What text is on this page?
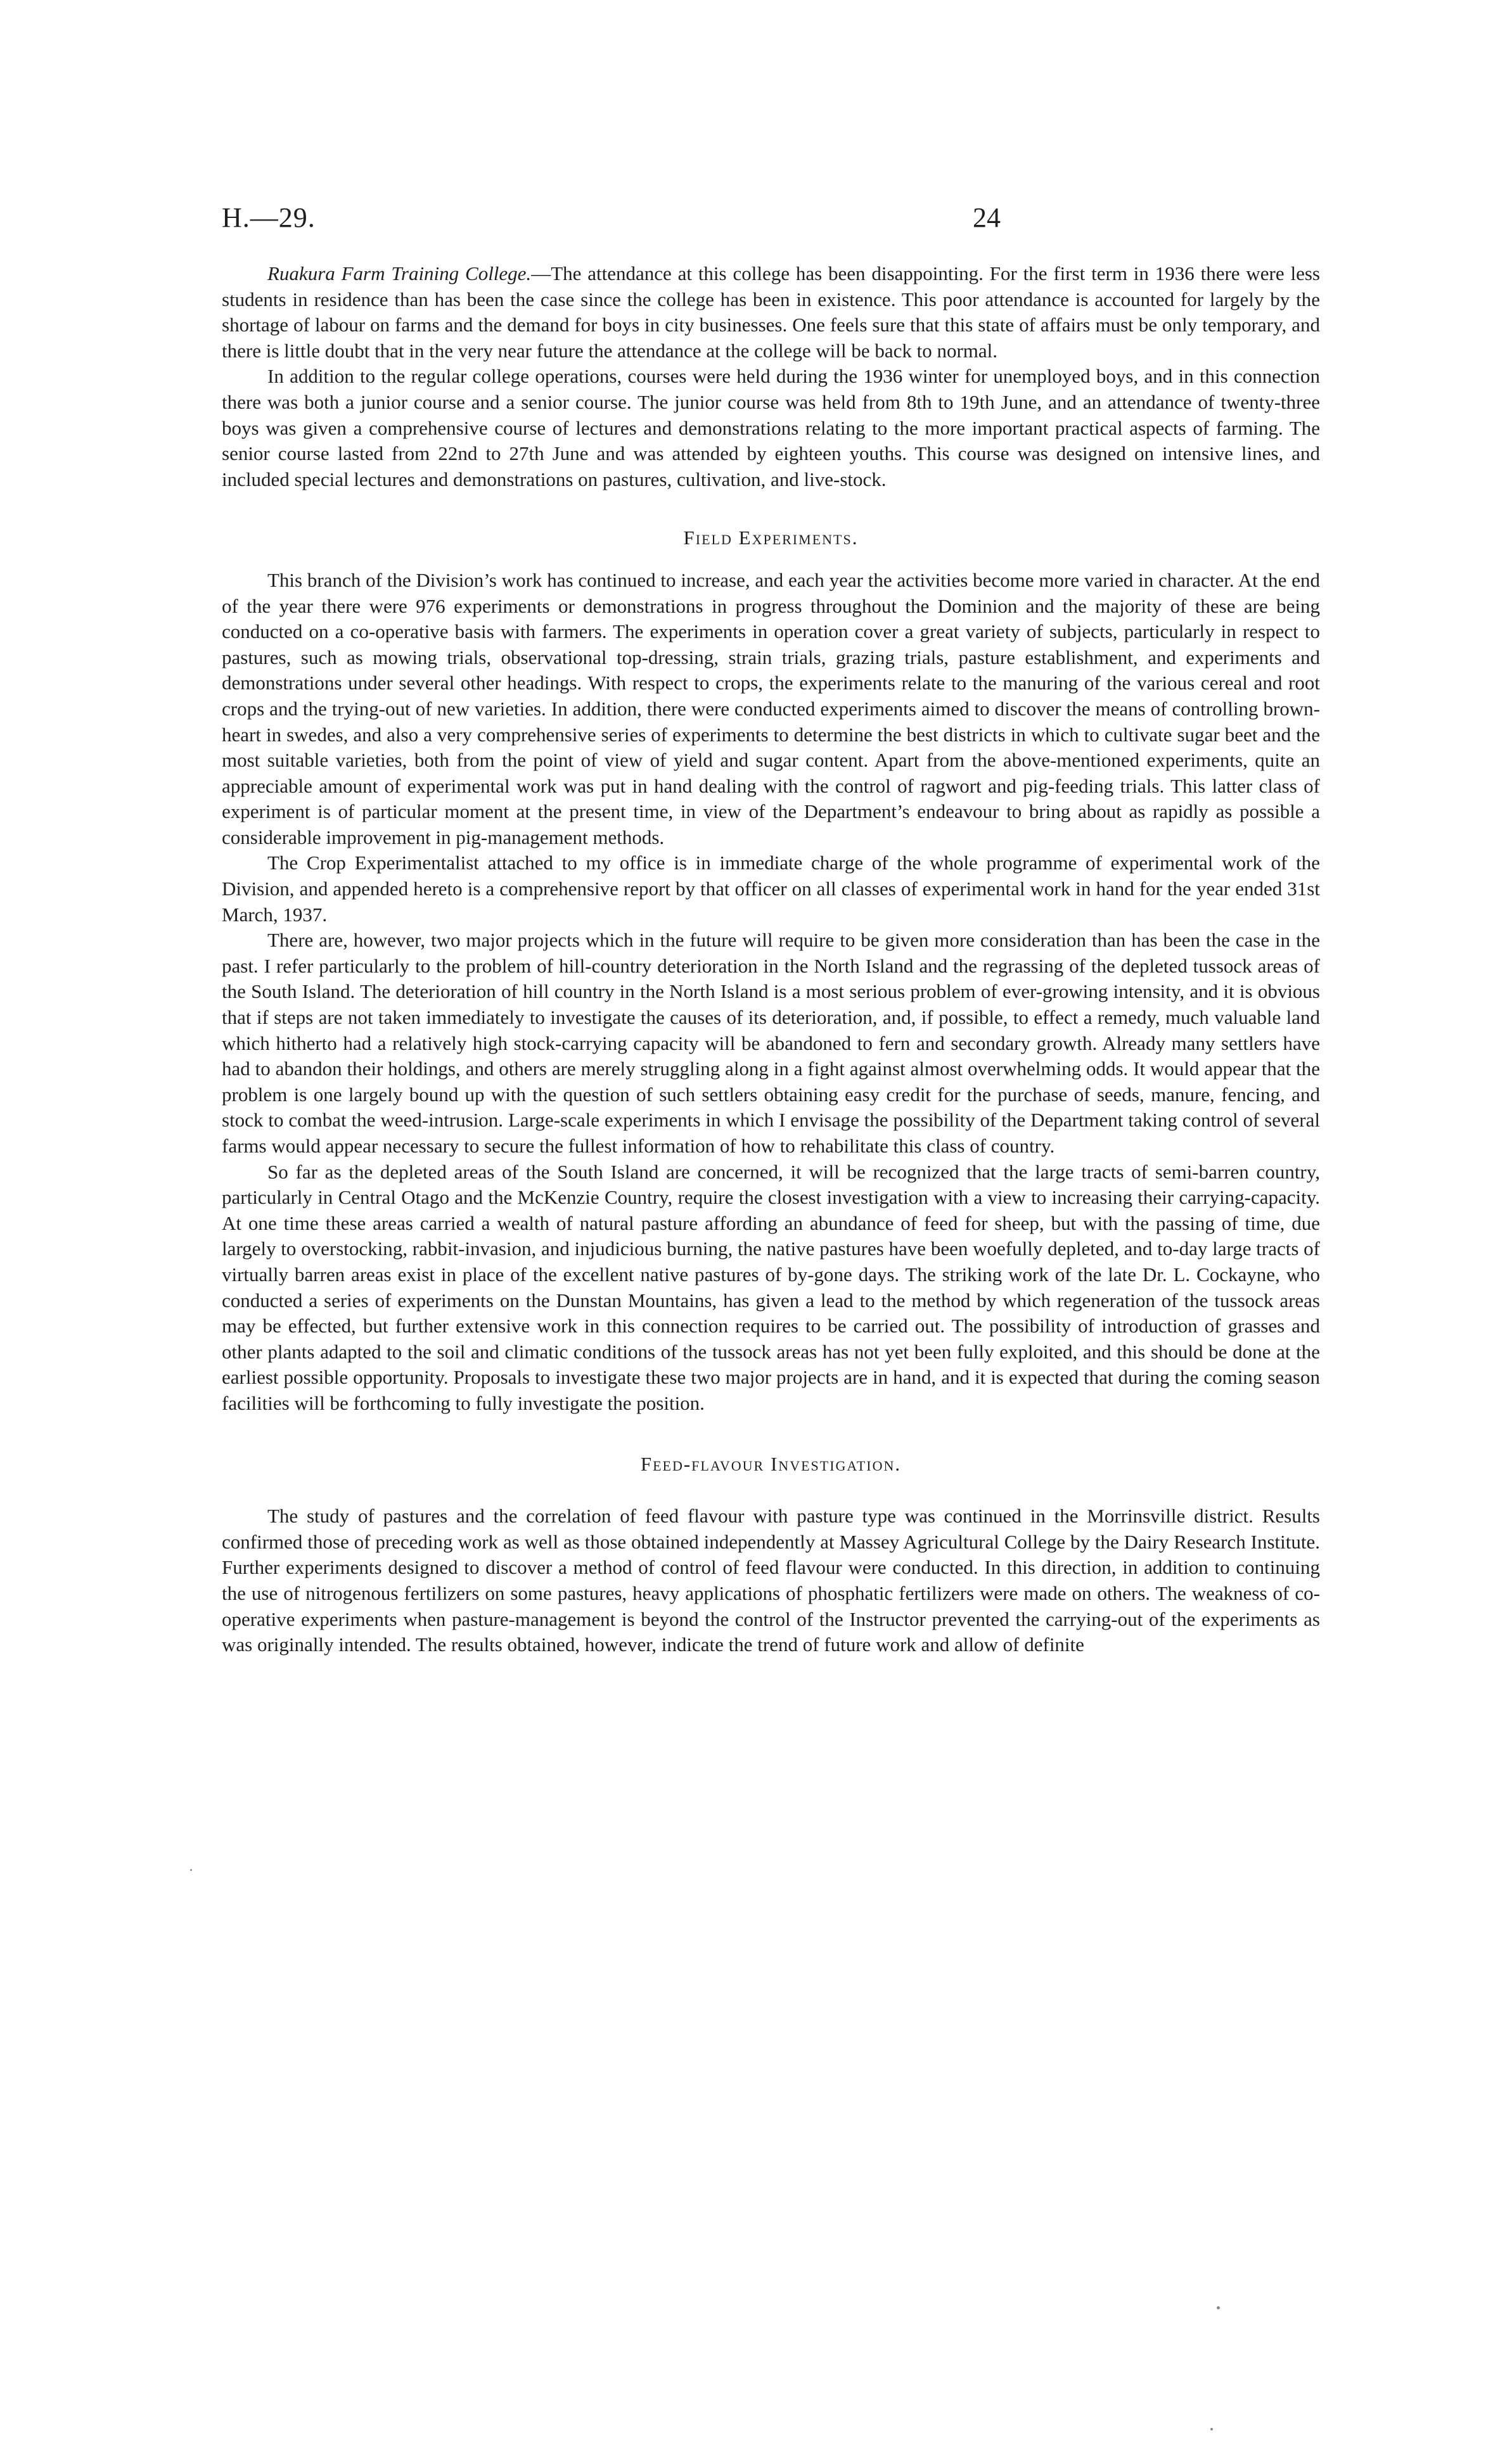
H.—29.	24

Ruakura Farm Training College.—The attendance at this college has been disappointing. For the first term in 1936 there were less students in residence than has been the case since the college has been in existence. This poor attendance is accounted for largely by the shortage of labour on farms and the demand for boys in city businesses. One feels sure that this state of affairs must be only temporary, and there is little doubt that in the very near future the attendance at the college will be back to normal.

In addition to the regular college operations, courses were held during the 1936 winter for unemployed boys, and in this connection there was both a junior course and a senior course. The junior course was held from 8th to 19th June, and an attendance of twenty-three boys was given a comprehensive course of lectures and demonstrations relating to the more important practical aspects of farming. The senior course lasted from 22nd to 27th June and was attended by eighteen youths. This course was designed on intensive lines, and included special lectures and demonstrations on pastures, cultivation, and live-stock.

Field Experiments.

This branch of the Division’s work has continued to increase, and each year the activities become more varied in character. At the end of the year there were 976 experiments or demonstrations in progress throughout the Dominion and the majority of these are being conducted on a co-operative basis with farmers. The experiments in operation cover a great variety of subjects, particularly in respect to pastures, such as mowing trials, observational top-dressing, strain trials, grazing trials, pasture establishment, and experiments and demonstrations under several other headings. With respect to crops, the experiments relate to the manuring of the various cereal and root crops and the trying-out of new varieties. In addition, there were conducted experiments aimed to discover the means of controlling brown-heart in swedes, and also a very comprehensive series of experiments to determine the best districts in which to cultivate sugar beet and the most suitable varieties, both from the point of view of yield and sugar content. Apart from the above-mentioned experiments, quite an appreciable amount of experimental work was put in hand dealing with the control of ragwort and pig-feeding trials. This latter class of experiment is of particular moment at the present time, in view of the Department’s endeavour to bring about as rapidly as possible a considerable improvement in pig-management methods.

The Crop Experimentalist attached to my office is in immediate charge of the whole programme of experimental work of the Division, and appended hereto is a comprehensive report by that officer on all classes of experimental work in hand for the year ended 31st March, 1937.

There are, however, two major projects which in the future will require to be given more consideration than has been the case in the past. I refer particularly to the problem of hill-country deterioration in the North Island and the regrassing of the depleted tussock areas of the South Island. The deterioration of hill country in the North Island is a most serious problem of ever-growing intensity, and it is obvious that if steps are not taken immediately to investigate the causes of its deterioration, and, if possible, to effect a remedy, much valuable land which hitherto had a relatively high stock-carrying capacity will be abandoned to fern and secondary growth. Already many settlers have had to abandon their holdings, and others are merely struggling along in a fight against almost overwhelming odds. It would appear that the problem is one largely bound up with the question of such settlers obtaining easy credit for the purchase of seeds, manure, fencing, and stock to combat the weed-intrusion. Large-scale experiments in which I envisage the possibility of the Department taking control of several farms would appear necessary to secure the fullest information of how to rehabilitate this class of country.

So far as the depleted areas of the South Island are concerned, it will be recognized that the large tracts of semi-barren country, particularly in Central Otago and the McKenzie Country, require the closest investigation with a view to increasing their carrying-capacity. At one time these areas carried a wealth of natural pasture affording an abundance of feed for sheep, but with the passing of time, due largely to overstocking, rabbit-invasion, and injudicious burning, the native pastures have been woefully depleted, and to-day large tracts of virtually barren areas exist in place of the excellent native pastures of by-gone days. The striking work of the late Dr. L. Cockayne, who conducted a series of experiments on the Dunstan Mountains, has given a lead to the method by which regeneration of the tussock areas may be effected, but further extensive work in this connection requires to be carried out. The possibility of introduction of grasses and other plants adapted to the soil and climatic conditions of the tussock areas has not yet been fully exploited, and this should be done at the earliest possible opportunity. Proposals to investigate these two major projects are in hand, and it is expected that during the coming season facilities will be forthcoming to fully investigate the position.

Feed-flavour Investigation.

The study of pastures and the correlation of feed flavour with pasture type was continued in the Morrinsville district. Results confirmed those of preceding work as well as those obtained independently at Massey Agricultural College by the Dairy Research Institute. Further experiments designed to discover a method of control of feed flavour were conducted. In this direction, in addition to continuing the use of nitrogenous fertilizers on some pastures, heavy applications of phosphatic fertilizers were made on others. The weakness of co-operative experiments when pasture-management is beyond the control of the Instructor prevented the carrying-out of the experiments as was originally intended. The results obtained, however, indicate the trend of future work and allow of definite
